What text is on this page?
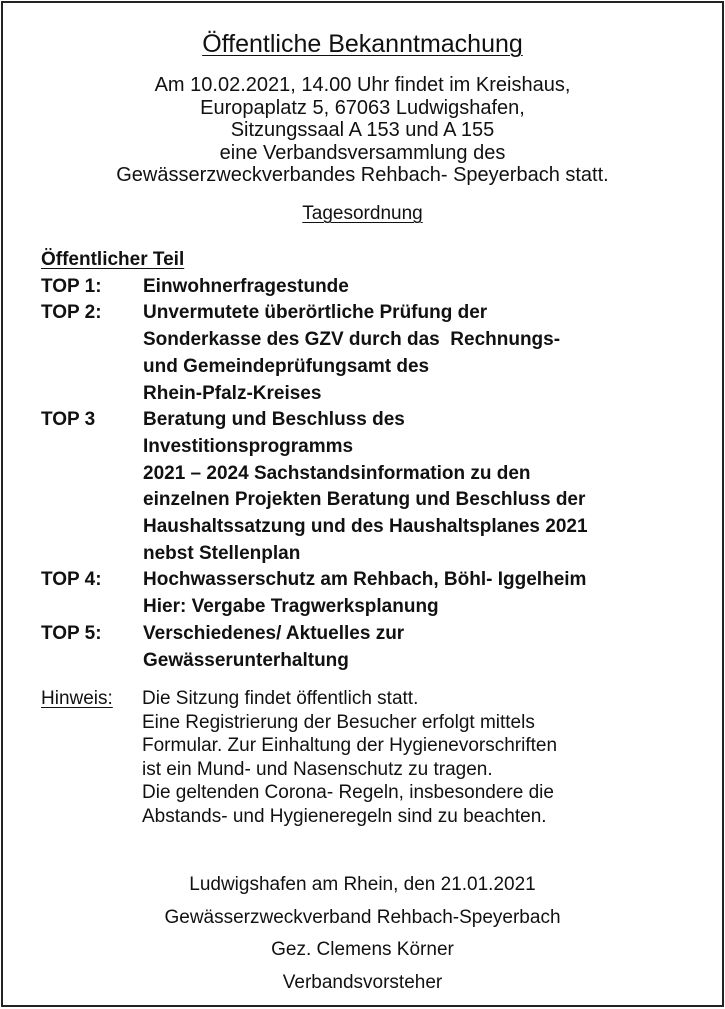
Öffentliche Bekanntmachung
Am 10.02.2021, 14.00 Uhr findet im Kreishaus,
Europaplatz 5, 67063 Ludwigshafen,
Sitzungssaal A 153 und A 155
eine Verbandsversammlung des
Gewässerzweckverbandes Rehbach- Speyerbach statt.
Tagesordnung
Öffentlicher Teil
TOP 1:	Einwohnerfragestunde
TOP 2:	Unvermutete überörtliche Prüfung der
Sonderkasse des GZV durch das  Rechnungs-
und Gemeindeprüfungsamt des
Rhein-Pfalz-Kreises
TOP 3	Beratung und Beschluss des
Investitionsprogramms
2021 – 2024 Sachstandsinformation zu den
einzelnen Projekten Beratung und Beschluss der
Haushaltssatzung und des Haushaltsplanes 2021
nebst Stellenplan
TOP 4:	Hochwasserschutz am Rehbach, Böhl- Iggelheim
Hier: Vergabe Tragwerksplanung
TOP 5:	Verschiedenes/ Aktuelles zur
Gewässerunterhaltung
Hinweis:	Die Sitzung findet öffentlich statt.
Eine Registrierung der Besucher erfolgt mittels
Formular. Zur Einhaltung der Hygienevorschriften
ist ein Mund- und Nasenschutz zu tragen.
Die geltenden Corona- Regeln, insbesondere die
Abstands- und Hygieneregeln sind zu beachten.
Ludwigshafen am Rhein, den 21.01.2021
Gewässerzweckverband Rehbach-Speyerbach
Gez. Clemens Körner
Verbandsvorsteher
